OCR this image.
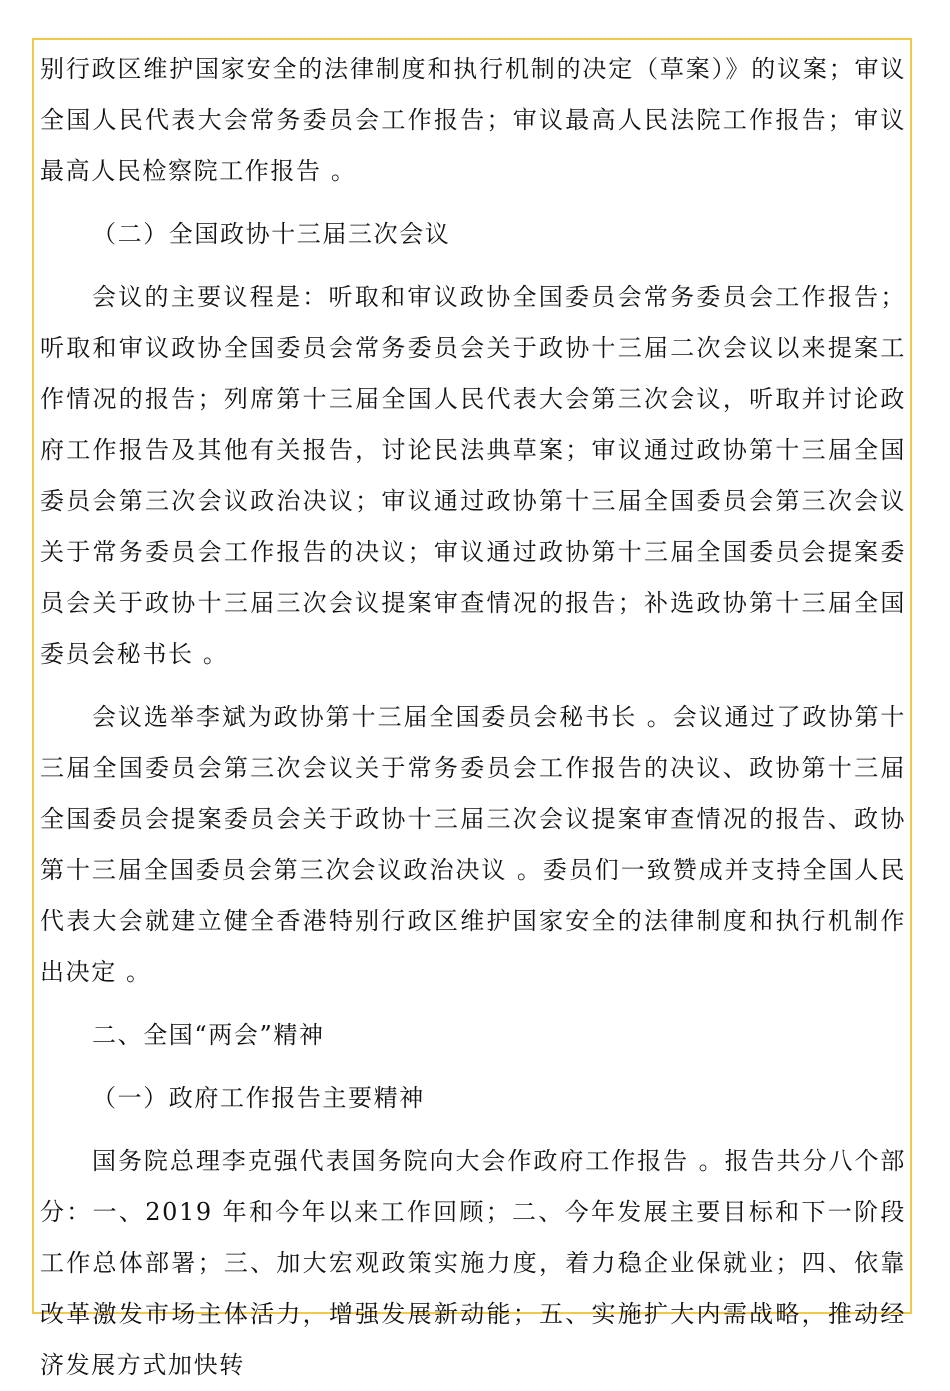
别行政区维护国家安全的法律制度和执行机制的决定（草案）》的议案；审议全国人民代表大会常务委员会工作报告；审议最高人民法院工作报告；审议最高人民检察院工作报告 。

（二）全国政协十三届三次会议

会议的主要议程是：听取和审议政协全国委员会常务委员会工作报告；听取和审议政协全国委员会常务委员会关于政协十三届二次会议以来提案工作情况的报告；列席第十三届全国人民代表大会第三次会议，听取并讨论政府工作报告及其他有关报告，讨论民法典草案；审议通过政协第十三届全国委员会第三次会议政治决议；审议通过政协第十三届全国委员会第三次会议关于常务委员会工作报告的决议；审议通过政协第十三届全国委员会提案委员会关于政协十三届三次会议提案审查情况的报告；补选政协第十三届全国委员会秘书长 。

会议选举李斌为政协第十三届全国委员会秘书长 。会议通过了政协第十三届全国委员会第三次会议关于常务委员会工作报告的决议、政协第十三届全国委员会提案委员会关于政协十三届三次会议提案审查情况的报告、政协第十三届全国委员会第三次会议政治决议 。委员们一致赞成并支持全国人民代表大会就建立健全香港特别行政区维护国家安全的法律制度和执行机制作出决定 。

二、全国“两会”精神

（一）政府工作报告主要精神

国务院总理李克强代表国务院向大会作政府工作报告 。报告共分八个部分：一、2019 年和今年以来工作回顾；二、今年发展主要目标和下一阶段工作总体部署；三、加大宏观政策实施力度，着力稳企业保就业；四、依靠改革激发市场主体活力，增强发展新动能；五、实施扩大内需战略，推动经济发展方式加快转
